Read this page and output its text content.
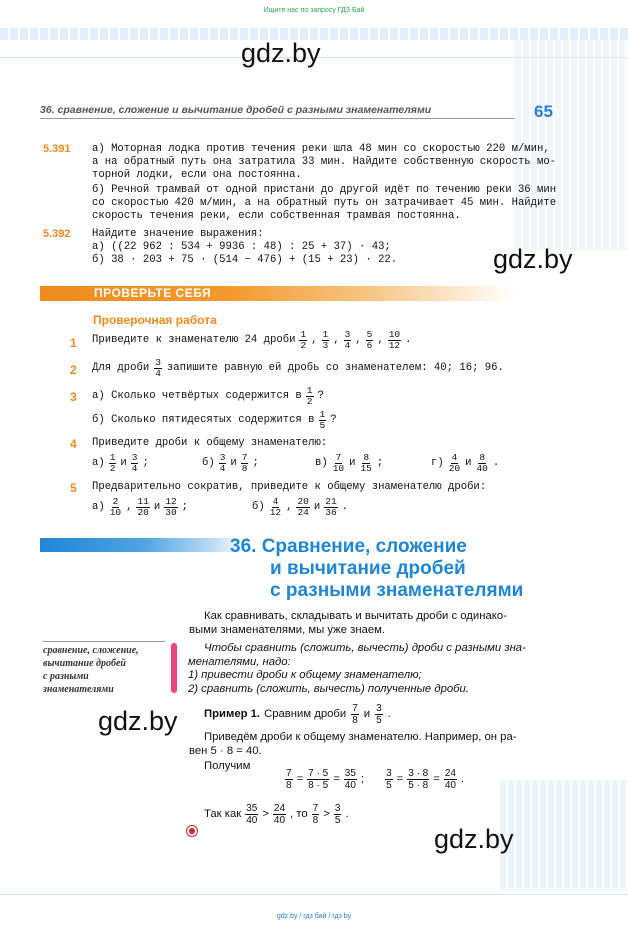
Ищите нас по запросу ГДЗ Бай
gdz.by
gdz.by
gdz.by
gdz.by
36. сравнение, сложение и вычитание дробей с разными знаменателями	65
5.391 а) Моторная лодка против течения реки шла 48 мин со скоростью 220 м/мин,
а на обратный путь она затратила 33 мин. Найдите собственную скорость мо-
торной лодки, если она постоянна.
б) Речной трамвай от одной пристани до другой идёт по течению реки 36 мин
со скоростью 420 м/мин, а на обратный путь он затрачивает 45 мин. Найдите
скорость течения реки, если собственная трамвая постоянна.
5.392 Найдите значение выражения:
а) ((22 962 : 534 + 9936 : 48) : 25 + 37) · 43;
б) 38 · 203 + 75 · (514 − 476) + (15 + 23) · 22.
ПРОВЕРЬТЕ СЕБЯ
Проверочная работа
1 Приведите к знаменателю 24 дроби $\frac{1}{2}$ , $\frac{1}{3}$ , $\frac{3}{4}$ , $\frac{5}{6}$ , $\frac{10}{12}$ .
2 Для дроби $\frac{3}{4}$ запишите равную ей дробь со знаменателем: 40; 16; 96.
3 а) Сколько четвёртых содержится в $\frac{1}{2}$ ?
б) Сколько пятидесятых содержится в $\frac{1}{5}$ ?
4 Приведите дроби к общему знаменателю:
$а) \frac{1}{2}$ и $\frac{3}{4}$ ;	$б) \frac{3}{4}$ и $\frac{7}{8}$ ;	$в) \frac{7}{10}$ и $\frac{8}{15}$ ;	$г) \frac{4}{20}$ и $\frac{8}{40}$ .
5 Предварительно сократив, приведите к общему знаменателю дроби:
$а) \frac{2}{10}$ , $\frac{11}{20}$ и $\frac{12}{30}$ ;	$б) \frac{4}{12}$ , $\frac{20}{24}$ и $\frac{21}{36}$ .
36. Сравнение, сложение
и вычитание дробей
с разными знаменателями
сравнение, сложение,
вычитание дробей
с разными
знаменателями
Как сравнивать, складывать и вычитать дроби с одинако-
выми знаменателями, мы уже знаем.
Чтобы сравнить (сложить, вычесть) дроби с разными зна-
менателями, надо:
1) привести дроби к общему знаменателю;
2) сравнить (сложить, вычесть) полученные дроби.
Пример 1. Сравним дроби 7
8
и 3
5
.
Приведём дроби к общему знаменателю. Например, он ра-
вен 5 · 8 = 40.
Получим
7
8
= 7 · 5
8 · 5
= 35
40
; 3
5
= 3 · 8
5 · 8
= 24
40
.
Так как 35
40
> 24
40
, то 7
8
> 3
5
.
gdz.by / гдз бай / гдз by
